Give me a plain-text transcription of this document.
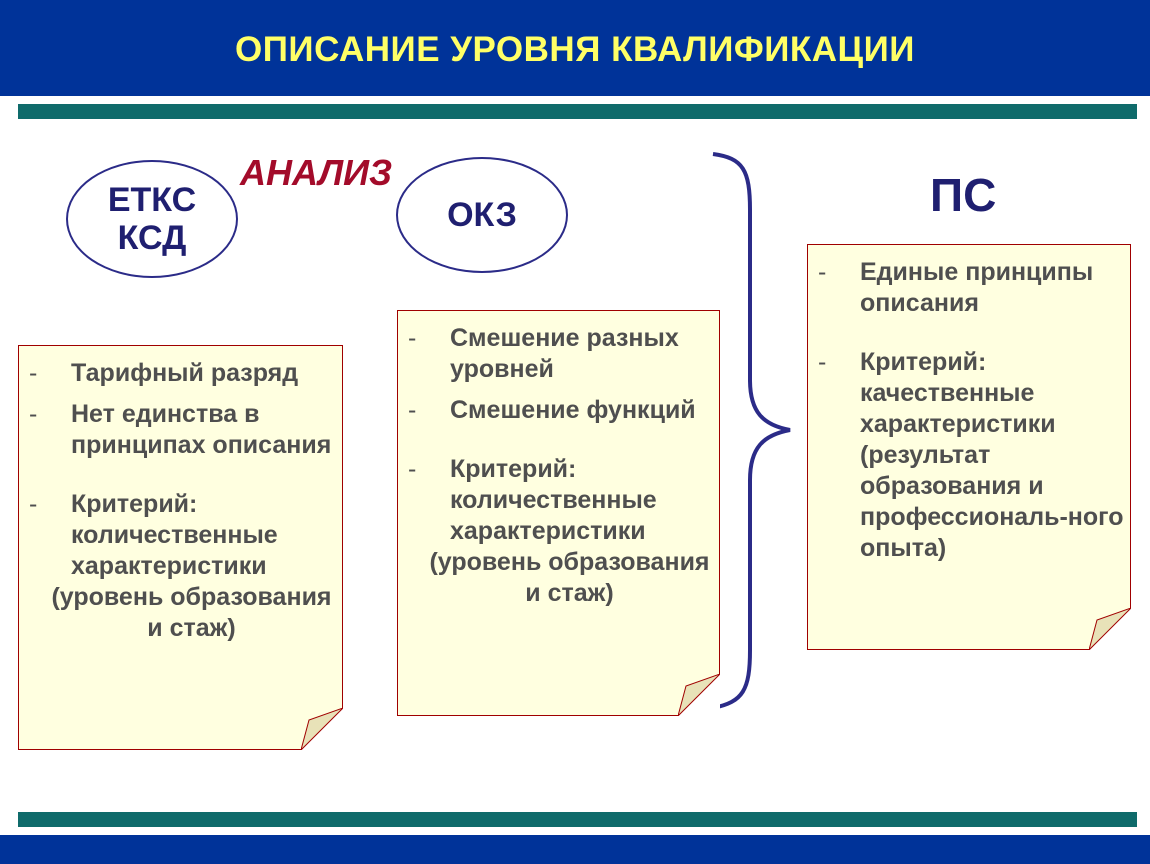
ОПИСАНИЕ УРОВНЯ КВАЛИФИКАЦИИ
ЕТКС
КСД
АНАЛИЗ
ОКЗ	ПС
- Тарифный разряд
- Нет единства в принципах описания
- Критерий: количественные характеристики
(уровень образования и стаж)
- Смешение разных уровней
- Смешение функций
- Критерий: количественные характеристики
(уровень образования и стаж)
- Единые принципы описания
- Критерий: качественные характеристики (результат образования и профессиональ-ного опыта)
